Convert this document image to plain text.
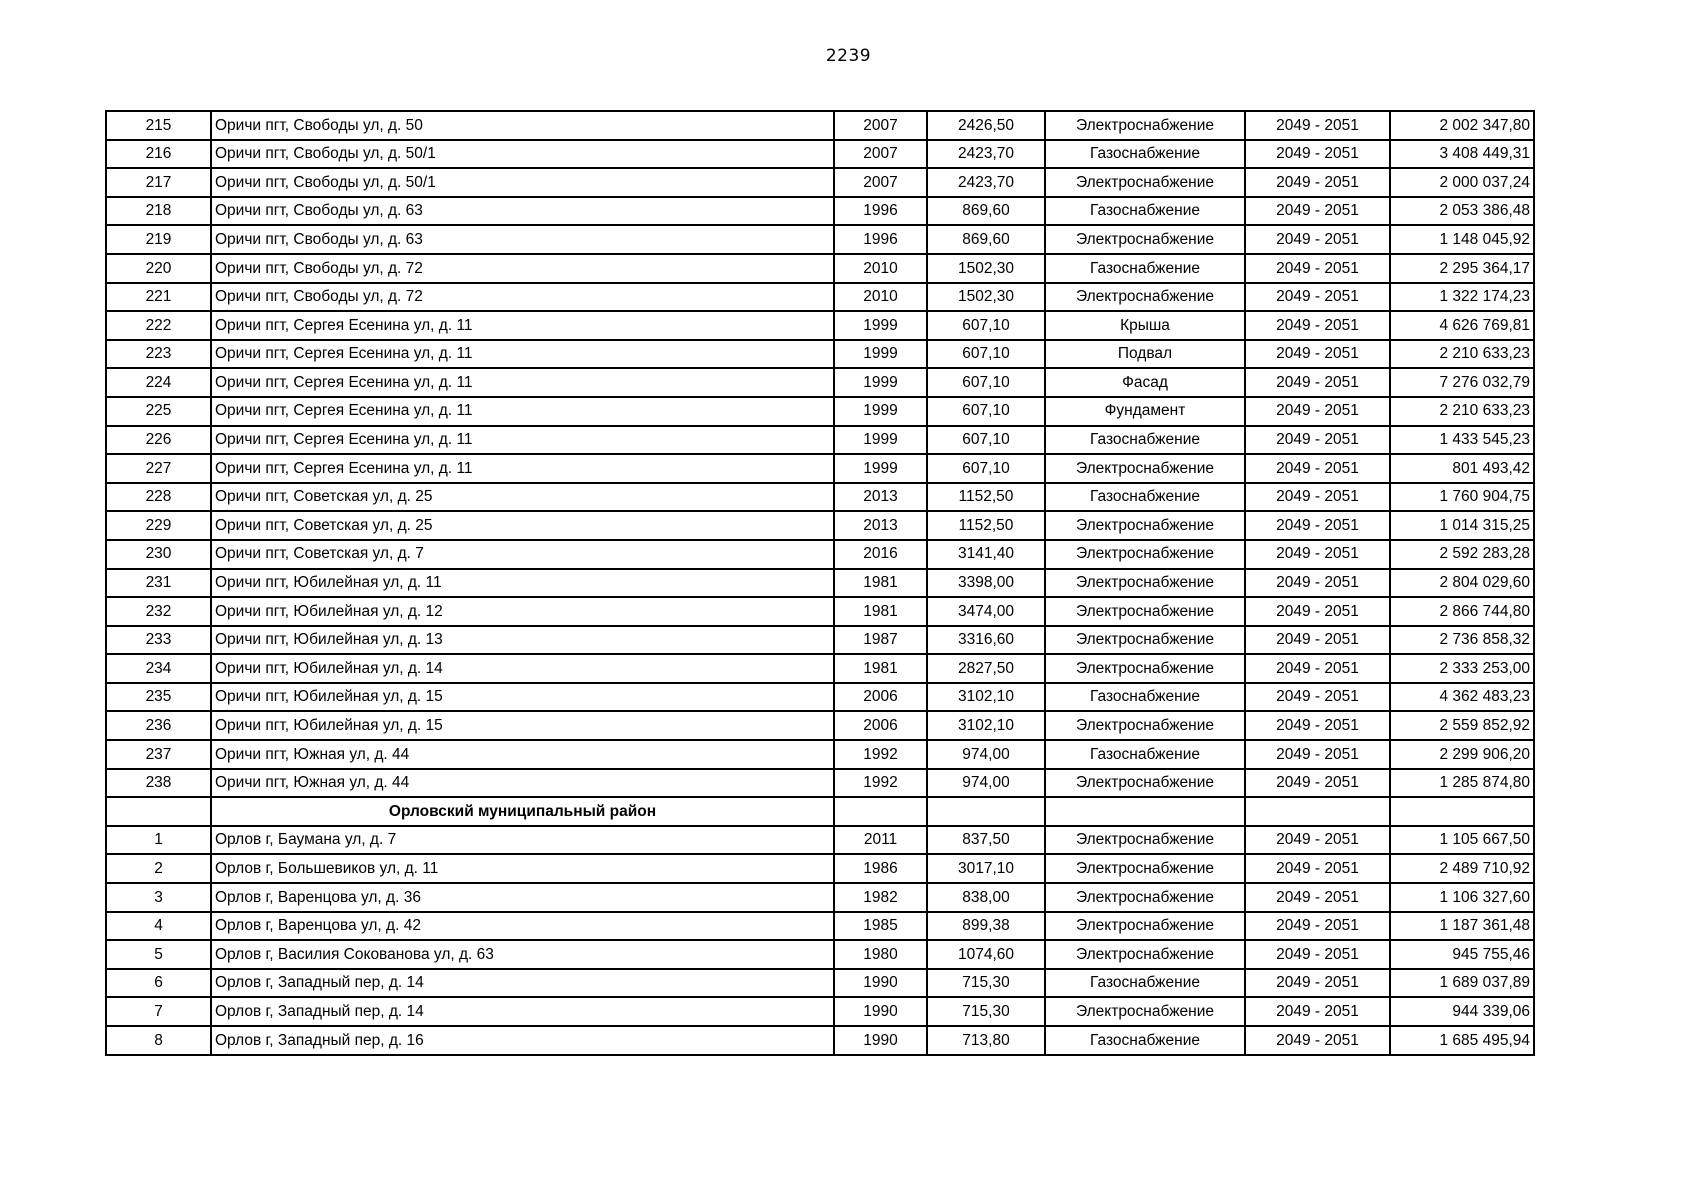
2239
215	Оричи пгт, Свободы ул, д. 50	2007	2426,50	Электроснабжение	2049 - 2051	2 002 347,80
216	Оричи пгт, Свободы ул, д. 50/1	2007	2423,70	Газоснабжение	2049 - 2051	3 408 449,31
217	Оричи пгт, Свободы ул, д. 50/1	2007	2423,70	Электроснабжение	2049 - 2051	2 000 037,24
218	Оричи пгт, Свободы ул, д. 63	1996	869,60	Газоснабжение	2049 - 2051	2 053 386,48
219	Оричи пгт, Свободы ул, д. 63	1996	869,60	Электроснабжение	2049 - 2051	1 148 045,92
220	Оричи пгт, Свободы ул, д. 72	2010	1502,30	Газоснабжение	2049 - 2051	2 295 364,17
221	Оричи пгт, Свободы ул, д. 72	2010	1502,30	Электроснабжение	2049 - 2051	1 322 174,23
222	Оричи пгт, Сергея Есенина ул, д. 11	1999	607,10	Крыша	2049 - 2051	4 626 769,81
223	Оричи пгт, Сергея Есенина ул, д. 11	1999	607,10	Подвал	2049 - 2051	2 210 633,23
224	Оричи пгт, Сергея Есенина ул, д. 11	1999	607,10	Фасад	2049 - 2051	7 276 032,79
225	Оричи пгт, Сергея Есенина ул, д. 11	1999	607,10	Фундамент	2049 - 2051	2 210 633,23
226	Оричи пгт, Сергея Есенина ул, д. 11	1999	607,10	Газоснабжение	2049 - 2051	1 433 545,23
227	Оричи пгт, Сергея Есенина ул, д. 11	1999	607,10	Электроснабжение	2049 - 2051	801 493,42
228	Оричи пгт, Советская ул, д. 25	2013	1152,50	Газоснабжение	2049 - 2051	1 760 904,75
229	Оричи пгт, Советская ул, д. 25	2013	1152,50	Электроснабжение	2049 - 2051	1 014 315,25
230	Оричи пгт, Советская ул, д. 7	2016	3141,40	Электроснабжение	2049 - 2051	2 592 283,28
231	Оричи пгт, Юбилейная ул, д. 11	1981	3398,00	Электроснабжение	2049 - 2051	2 804 029,60
232	Оричи пгт, Юбилейная ул, д. 12	1981	3474,00	Электроснабжение	2049 - 2051	2 866 744,80
233	Оричи пгт, Юбилейная ул, д. 13	1987	3316,60	Электроснабжение	2049 - 2051	2 736 858,32
234	Оричи пгт, Юбилейная ул, д. 14	1981	2827,50	Электроснабжение	2049 - 2051	2 333 253,00
235	Оричи пгт, Юбилейная ул, д. 15	2006	3102,10	Газоснабжение	2049 - 2051	4 362 483,23
236	Оричи пгт, Юбилейная ул, д. 15	2006	3102,10	Электроснабжение	2049 - 2051	2 559 852,92
237	Оричи пгт, Южная ул, д. 44	1992	974,00	Газоснабжение	2049 - 2051	2 299 906,20
238	Оричи пгт, Южная ул, д. 44	1992	974,00	Электроснабжение	2049 - 2051	1 285 874,80
	Орловский муниципальный район					
1	Орлов г, Баумана ул, д. 7	2011	837,50	Электроснабжение	2049 - 2051	1 105 667,50
2	Орлов г, Большевиков ул, д. 11	1986	3017,10	Электроснабжение	2049 - 2051	2 489 710,92
3	Орлов г, Варенцова ул, д. 36	1982	838,00	Электроснабжение	2049 - 2051	1 106 327,60
4	Орлов г, Варенцова ул, д. 42	1985	899,38	Электроснабжение	2049 - 2051	1 187 361,48
5	Орлов г, Василия Сокованова ул, д. 63	1980	1074,60	Электроснабжение	2049 - 2051	945 755,46
6	Орлов г, Западный пер, д. 14	1990	715,30	Газоснабжение	2049 - 2051	1 689 037,89
7	Орлов г, Западный пер, д. 14	1990	715,30	Электроснабжение	2049 - 2051	944 339,06
8	Орлов г, Западный пер, д. 16	1990	713,80	Газоснабжение	2049 - 2051	1 685 495,94
